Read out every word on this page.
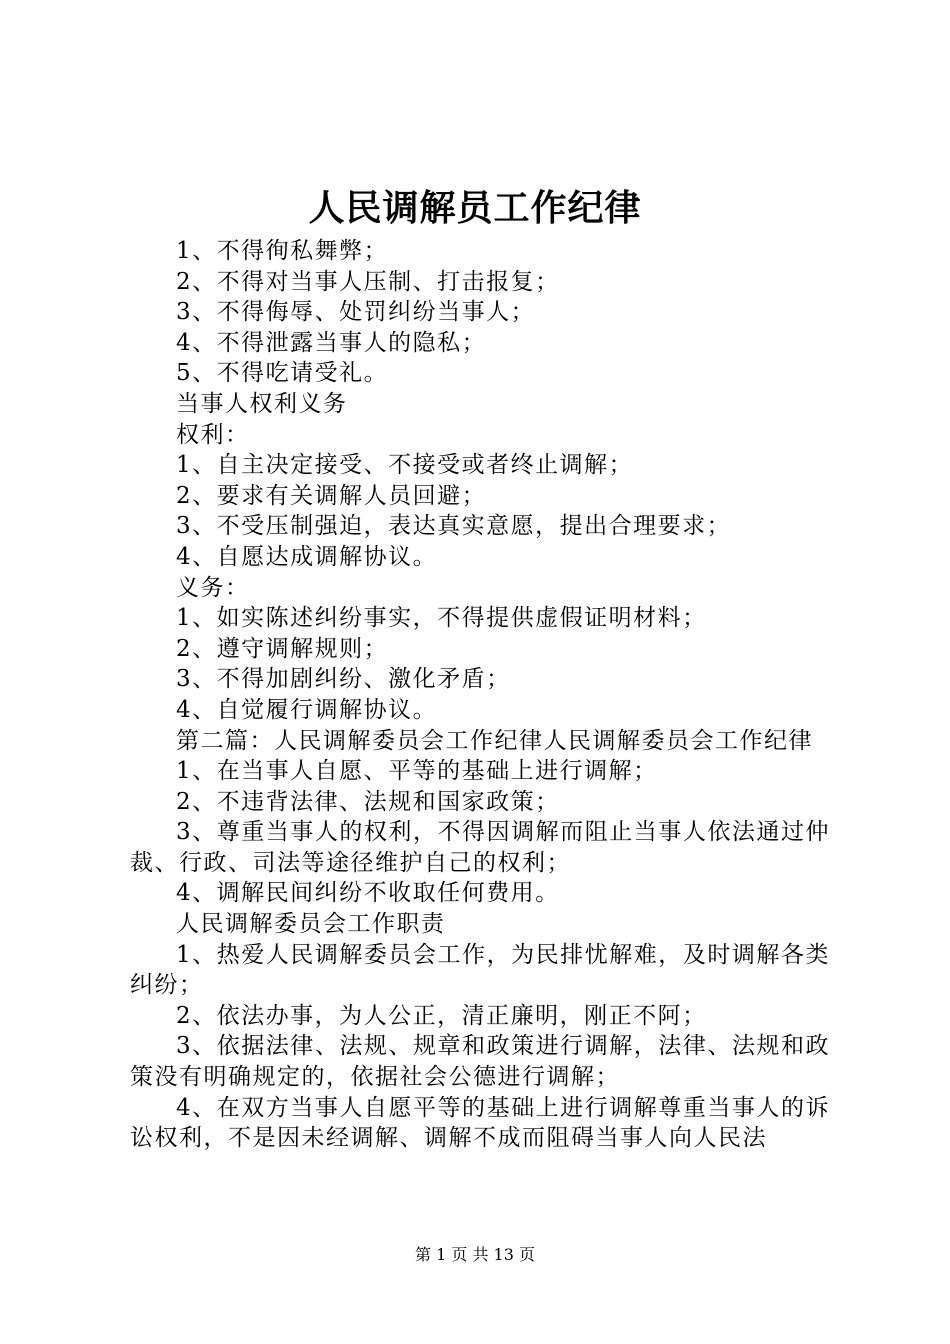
人民调解员工作纪律

1、不得徇私舞弊；

2、不得对当事人压制、打击报复；

3、不得侮辱、处罚纠纷当事人；

4、不得泄露当事人的隐私；

5、不得吃请受礼。

当事人权利义务

权利：

1、自主决定接受、不接受或者终止调解；

2、要求有关调解人员回避；

3、不受压制强迫，表达真实意愿，提出合理要求；

4、自愿达成调解协议。

义务：

1、如实陈述纠纷事实，不得提供虚假证明材料；

2、遵守调解规则；

3、不得加剧纠纷、激化矛盾；

4、自觉履行调解协议。

第二篇：人民调解委员会工作纪律人民调解委员会工作纪律

1、在当事人自愿、平等的基础上进行调解；

2、不违背法律、法规和国家政策；

3、尊重当事人的权利，不得因调解而阻止当事人依法通过仲裁、行政、司法等途径维护自己的权利；

4、调解民间纠纷不收取任何费用。

人民调解委员会工作职责

1、热爱人民调解委员会工作，为民排忧解难，及时调解各类纠纷；

2、依法办事，为人公正，清正廉明，刚正不阿；

3、依据法律、法规、规章和政策进行调解，法律、法规和政策没有明确规定的，依据社会公德进行调解；

4、在双方当事人自愿平等的基础上进行调解尊重当事人的诉讼权利，不是因未经调解、调解不成而阻碍当事人向人民法

第 1 页 共 13 页
